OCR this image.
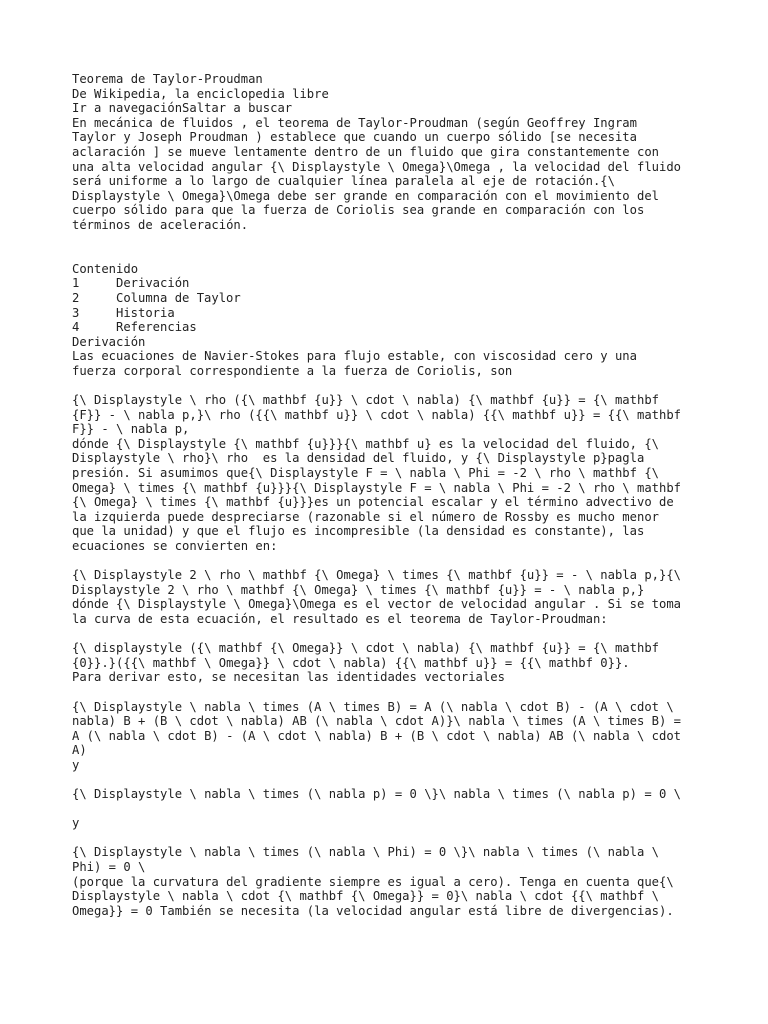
Teorema de Taylor-Proudman
De Wikipedia, la enciclopedia libre
Ir a navegaciónSaltar a buscar
En mecánica de fluidos , el teorema de Taylor-Proudman (según Geoffrey Ingram
Taylor y Joseph Proudman ) establece que cuando un cuerpo sólido [se necesita
aclaración ] se mueve lentamente dentro de un fluido que gira constantemente con
una alta velocidad angular {\ Displaystyle \ Omega}\Omega , la velocidad del fluido
será uniforme a lo largo de cualquier línea paralela al eje de rotación.{\
Displaystyle \ Omega}\Omega debe ser grande en comparación con el movimiento del
cuerpo sólido para que la fuerza de Coriolis sea grande en comparación con los
términos de aceleración.
Contenido
1	Derivación
2	Columna de Taylor
3	Historia
4	Referencias
Derivación
Las ecuaciones de Navier-Stokes para flujo estable, con viscosidad cero y una
fuerza corporal correspondiente a la fuerza de Coriolis, son
{\ Displaystyle \ rho ({\ mathbf {u}} \ cdot \ nabla) {\ mathbf {u}} = {\ mathbf
{F}} - \ nabla p,}\ rho ({{\ mathbf u}} \ cdot \ nabla) {{\ mathbf u}} = {{\ mathbf
F}} - \ nabla p,
dónde {\ Displaystyle {\ mathbf {u}}}{\ mathbf u} es la velocidad del fluido, {\
Displaystyle \ rho}\ rho  es la densidad del fluido, y {\ Displaystyle p}pagla
presión. Si asumimos que{\ Displaystyle F = \ nabla \ Phi = -2 \ rho \ mathbf {\
Omega} \ times {\ mathbf {u}}}{\ Displaystyle F = \ nabla \ Phi = -2 \ rho \ mathbf
{\ Omega} \ times {\ mathbf {u}}}es un potencial escalar y el término advectivo de
la izquierda puede despreciarse (razonable si el número de Rossby es mucho menor
que la unidad) y que el flujo es incompresible (la densidad es constante), las
ecuaciones se convierten en:
{\ Displaystyle 2 \ rho \ mathbf {\ Omega} \ times {\ mathbf {u}} = - \ nabla p,}{\
Displaystyle 2 \ rho \ mathbf {\ Omega} \ times {\ mathbf {u}} = - \ nabla p,}
dónde {\ Displaystyle \ Omega}\Omega es el vector de velocidad angular . Si se toma
la curva de esta ecuación, el resultado es el teorema de Taylor-Proudman:
{\ displaystyle ({\ mathbf {\ Omega}} \ cdot \ nabla) {\ mathbf {u}} = {\ mathbf
{0}}.}({{\ mathbf \ Omega}} \ cdot \ nabla) {{\ mathbf u}} = {{\ mathbf 0}}.
Para derivar esto, se necesitan las identidades vectoriales
{\ Displaystyle \ nabla \ times (A \ times B) = A (\ nabla \ cdot B) - (A \ cdot \
nabla) B + (B \ cdot \ nabla) AB (\ nabla \ cdot A)}\ nabla \ times (A \ times B) =
A (\ nabla \ cdot B) - (A \ cdot \ nabla) B + (B \ cdot \ nabla) AB (\ nabla \ cdot
A)
y
{\ Displaystyle \ nabla \ times (\ nabla p) = 0 \}\ nabla \ times (\ nabla p) = 0 \
y
{\ Displaystyle \ nabla \ times (\ nabla \ Phi) = 0 \}\ nabla \ times (\ nabla \
Phi) = 0 \
(porque la curvatura del gradiente siempre es igual a cero). Tenga en cuenta que{\
Displaystyle \ nabla \ cdot {\ mathbf {\ Omega}} = 0}\ nabla \ cdot {{\ mathbf \
Omega}} = 0 También se necesita (la velocidad angular está libre de divergencias).
